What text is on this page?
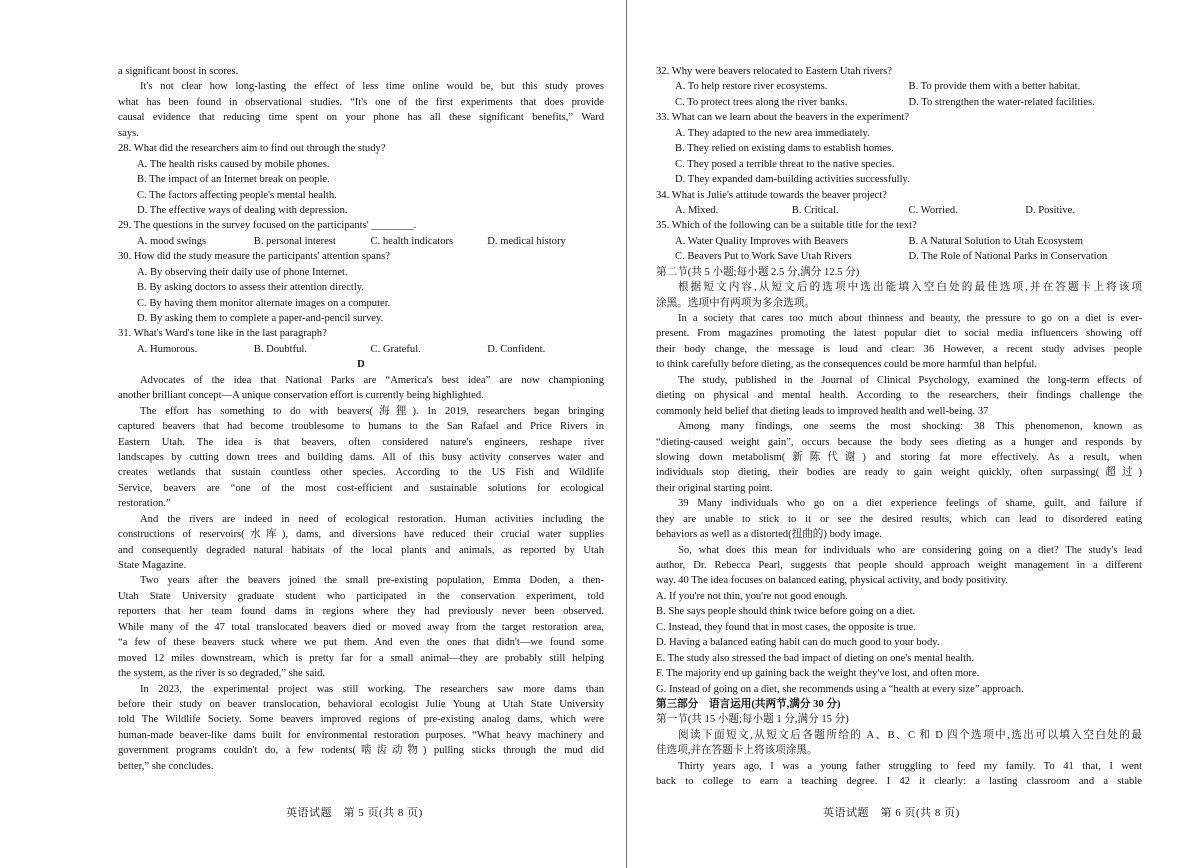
a significant boost in scores.
It's not clear how long-lasting the effect of less time online would be, but this study proves
what has been found in observational studies. “It's one of the first experiments that does provide
causal evidence that reducing time spent on your phone has all these significant benefits,” Ward
says.
28. What did the researchers aim to find out through the study?
A. The health risks caused by mobile phones.
B. The impact of an Internet break on people.
C. The factors affecting people's mental health.
D. The effective ways of dealing with depression.
29. The questions in the survey focused on the participants' ________.
A. mood swings	B. personal interest	C. health indicators	D. medical history
30. How did the study measure the participants' attention spans?
A. By observing their daily use of phone Internet.
B. By asking doctors to assess their attention directly.
C. By having them monitor alternate images on a computer.
D. By asking them to complete a paper-and-pencil survey.
31. What's Ward's tone like in the last paragraph?
A. Humorous.	B. Doubtful.	C. Grateful.	D. Confident.
D
Advocates of the idea that National Parks are “America's best idea” are now championing
another brilliant concept—A unique conservation effort is currently being highlighted.
The effort has something to do with beavers(海狸). In 2019, researchers began bringing
captured beavers that had become troublesome to humans to the San Rafael and Price Rivers in
Eastern Utah. The idea is that beavers, often considered nature's engineers, reshape river
landscapes by cutting down trees and building dams. All of this busy activity conserves water and
creates wetlands that sustain countless other species. According to the US Fish and Wildlife
Service, beavers are “one of the most cost-efficient and sustainable solutions for ecological
restoration.”
And the rivers are indeed in need of ecological restoration. Human activities including the
constructions of reservoirs(水库), dams, and diversions have reduced their crucial water supplies
and consequently degraded natural habitats of the local plants and animals, as reported by Utah
State Magazine.
Two years after the beavers joined the small pre-existing population, Emma Doden, a then-
Utah State University graduate student who participated in the conservation experiment, told
reporters that her team found dams in regions where they had previously never been observed.
While many of the 47 total translocated beavers died or moved away from the target restoration area,
“a few of these beavers stuck where we put them. And even the ones that didn't—we found some
moved 12 miles downstream, which is pretty far for a small animal—they are probably still helping
the system, as the river is so degraded,” she said.
In 2023, the experimental project was still working. The researchers saw more dams than
before their study on beaver translocation, behavioral ecologist Julie Young at Utah State University
told The Wildlife Society. Some beavers improved regions of pre-existing analog dams, which were
human-made beaver-like dams built for environmental restoration purposes. “What heavy machinery and
government programs couldn't do, a few rodents(啮齿动物) pulling sticks through the mud did
better,” she concludes.
32. Why were beavers relocated to Eastern Utah rivers?
A. To help restore river ecosystems.	B. To provide them with a better habitat.
C. To protect trees along the river banks.	D. To strengthen the water-related facilities.
33. What can we learn about the beavers in the experiment?
A. They adapted to the new area immediately.
B. They relied on existing dams to establish homes.
C. They posed a terrible threat to the native species.
D. They expanded dam-building activities successfully.
34. What is Julie's attitude towards the beaver project?
A. Mixed.	B. Critical.	C. Worried.	D. Positive.
35. Which of the following can be a suitable title for the text?
A. Water Quality Improves with Beavers	B. A Natural Solution to Utah Ecosystem
C. Beavers Put to Work Save Utah Rivers	D. The Role of National Parks in Conservation
第二节(共 5 小题;每小题 2.5 分,满分 12.5 分)
根据短文内容,从短文后的选项中选出能填入空白处的最佳选项,并在答题卡上将该项
涂黑。选项中有两项为多余选项。
In a society that cares too much about thinness and beauty, the pressure to go on a diet is ever-
present. From magazines promoting the latest popular diet to social media influencers showing off
their body change, the message is loud and clear: 36 However, a recent study advises people
to think carefully before dieting, as the consequences could be more harmful than helpful.
The study, published in the Journal of Clinical Psychology, examined the long-term effects of
dieting on physical and mental health. According to the researchers, their findings challenge the
commonly held belief that dieting leads to improved health and well-being. 37
Among many findings, one seems the most shocking: 38 This phenomenon, known as
“dieting-caused weight gain”, occurs because the body sees dieting as a hunger and responds by
slowing down metabolism(新陈代谢) and storing fat more effectively. As a result, when
individuals stop dieting, their bodies are ready to gain weight quickly, often surpassing(超过)
their original starting point.
39 Many individuals who go on a diet experience feelings of shame, guilt, and failure if
they are unable to stick to it or see the desired results, which can lead to disordered eating
behaviors as well as a distorted(扭曲的) body image.
So, what does this mean for individuals who are considering going on a diet? The study's lead
author, Dr. Rebecca Pearl, suggests that people should approach weight management in a different
way. 40 The idea focuses on balanced eating, physical activity, and body positivity.
A. If you're not thin, you're not good enough.
B. She says people should think twice before going on a diet.
C. Instead, they found that in most cases, the opposite is true.
D. Having a balanced eating habit can do much good to your body.
E. The study also stressed the bad impact of dieting on one's mental health.
F. The majority end up gaining back the weight they've lost, and often more.
G. Instead of going on a diet, she recommends using a “health at every size” approach.
第三部分　语言运用(共两节,满分 30 分)
第一节(共 15 小题;每小题 1 分,满分 15 分)
阅读下面短文,从短文后各题所给的 A、B、C 和 D 四个选项中,选出可以填入空白处的最
佳选项,并在答题卡上将该项涂黑。
Thirty years ago, I was a young father struggling to feed my family. To 41 that, I went
back to college to earn a teaching degree. I 42 it clearly: a lasting classroom and a stable
英语试题　第 5 页(共 8 页)	英语试题　第 6 页(共 8 页)
